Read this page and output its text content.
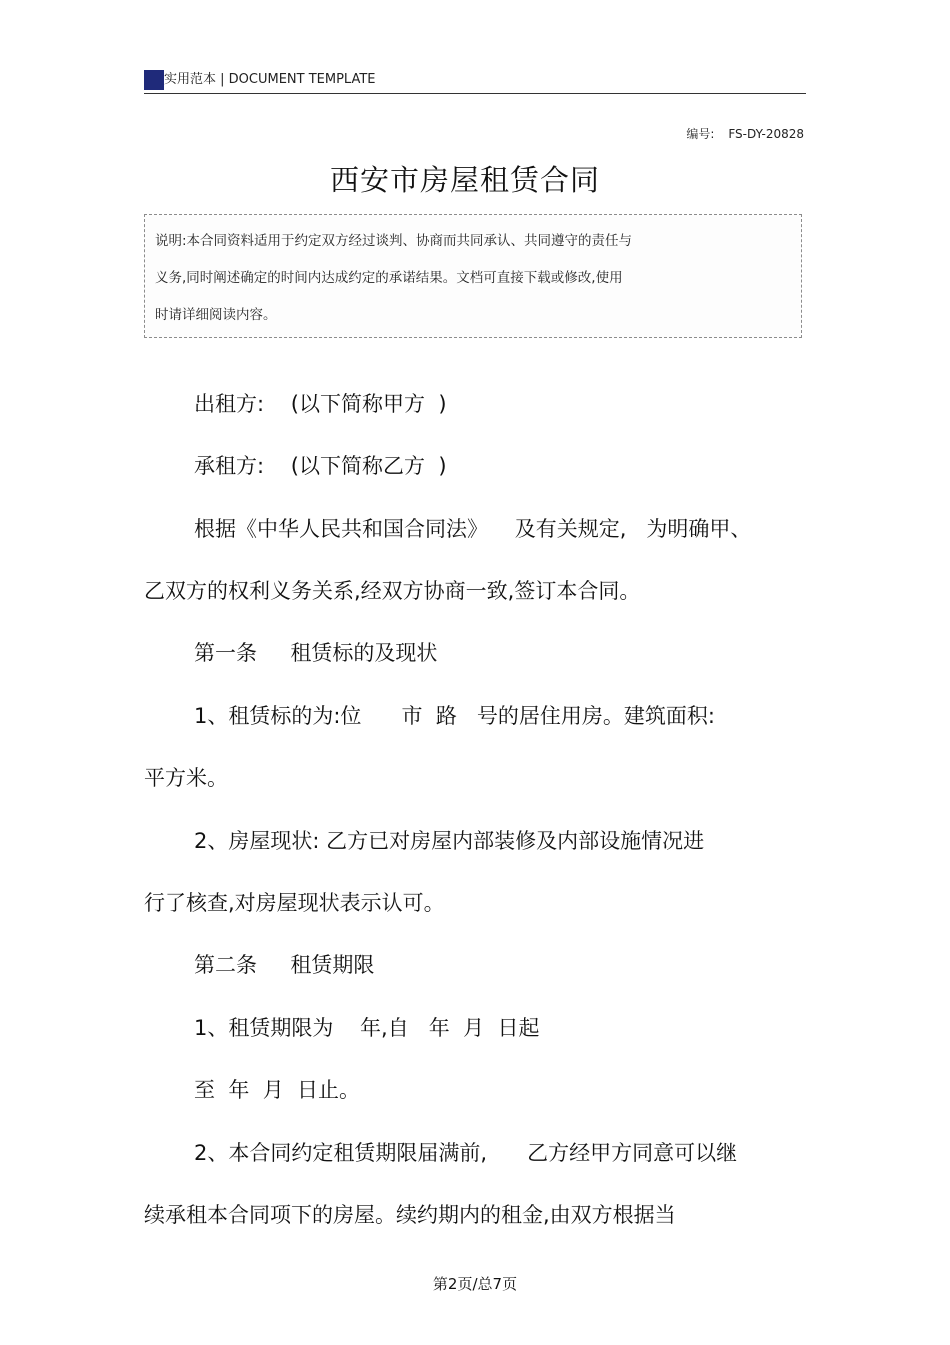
实用范本 | DOCUMENT TEMPLATE
编号: FS-DY-20828
西安市房屋租赁合同
说明:本合同资料适用于约定双方经过谈判、协商而共同承认、共同遵守的责任与
义务,同时阐述确定的时间内达成约定的承诺结果。文档可直接下载或修改,使用
时请详细阅读内容。
出租方:    (以下简称甲方  )
承租方:    (以下简称乙方  )
根据《中华人民共和国合同法》    及有关规定,   为明确甲、
乙双方的权利义务关系,经双方协商一致,签订本合同。
第一条     租赁标的及现状
1、租赁标的为:位      市  路   号的居住用房。建筑面积:
平方米。
2、房屋现状: 乙方已对房屋内部装修及内部设施情况进
行了核查,对房屋现状表示认可。
第二条     租赁期限
1、租赁期限为    年,自   年  月  日起
至  年  月  日止。
2、本合同约定租赁期限届满前,      乙方经甲方同意可以继
续承租本合同项下的房屋。续约期内的租金,由双方根据当
第2页/总7页
